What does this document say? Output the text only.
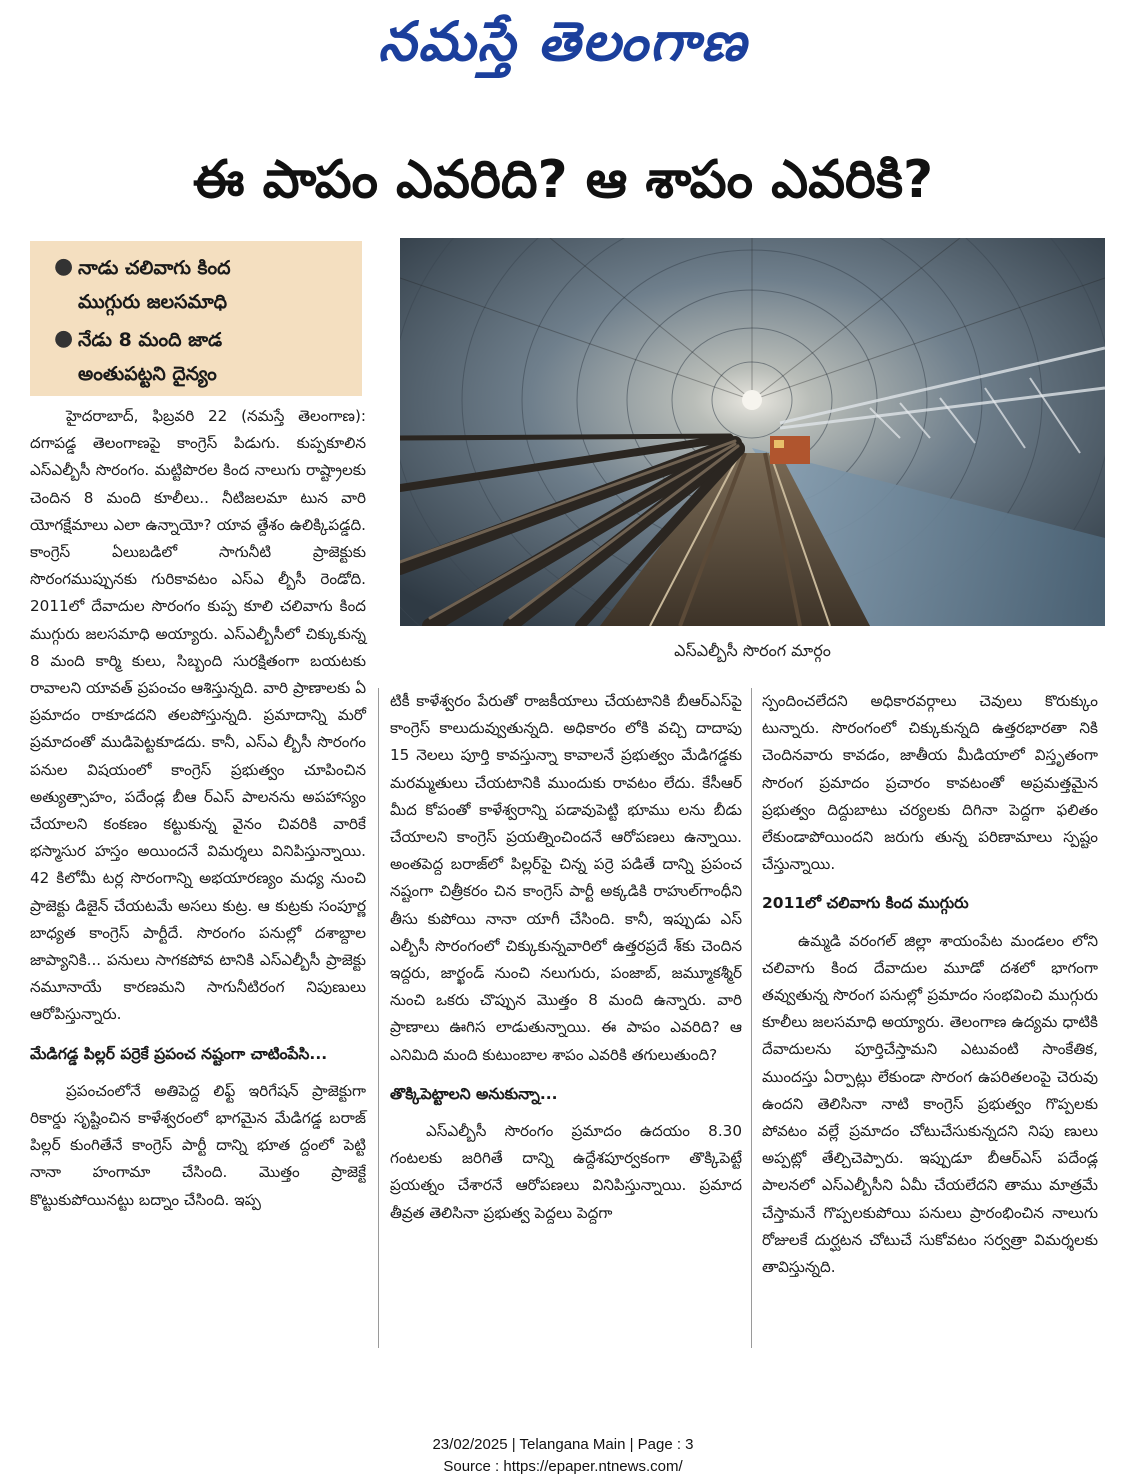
నమస్తే తెలంగాణ
ఈ పాపం ఎవరిది? ఆ శాపం ఎవరికి?
● నాడు చలివాగు కింద
ముగ్గురు జలసమాధి
● నేడు 8 మంది జాడ
అంతుపట్టని దైన్యం
ఎస్ఎల్బీసీ సొరంగ మార్గం

హైదరాబాద్, ఫిబ్రవరి 22 (నమస్తే తెలంగాణ): దగాపడ్డ తెలంగాణపై కాంగ్రెస్ పిడుగు. కుప్పకూలిన ఎస్ఎల్బీసీ సొరంగం. మట్టిపొరల కింద నాలుగు రాష్ట్రాలకు చెందిన 8 మంది కూలీలు.. నీటిజలమా టున వారి యోగక్షేమాలు ఎలా ఉన్నాయో? యావ త్దేశం ఉలిక్కిపడ్డది. కాంగ్రెస్ ఏలుబడిలో సాగునీటి ప్రాజెక్టుకు సొరంగముప్పునకు గురికావటం ఎస్ఎ ల్బీసీ రెండోది. 2011లో దేవాదుల సొరంగం కుప్ప కూలి చలివాగు కింద ముగ్గురు జలసమాధి అయ్యారు. ఎస్ఎల్బీసీలో చిక్కుకున్న 8 మంది కార్మి కులు, సిబ్బంది సురక్షితంగా బయటకు రావాలని యావత్ ప్రపంచం ఆశిస్తున్నది. వారి ప్రాణాలకు ఏ ప్రమాదం రాకూడదని తలపోస్తున్నది. ప్రమాదాన్ని మరో ప్రమాదంతో ముడిపెట్టకూడదు. కానీ, ఎస్ఎ ల్బీసీ సొరంగం పనుల విషయంలో కాంగ్రెస్ ప్రభుత్వం చూపించిన అత్యుత్సాహం, పదేండ్ల బీఆ ర్ఎస్ పాలనను అపహాస్యం చేయాలని కంకణం కట్టుకున్న వైనం చివరికి వారికే భస్మాసుర హస్తం అయిందనే విమర్శలు వినిపిస్తున్నాయి. 42 కిలోమీ టర్ల సొరంగాన్ని అభయారణ్యం మధ్య నుంచి ప్రాజెక్టు డిజైన్ చేయటమే అసలు కుట్ర. ఆ కుట్రకు సంపూర్ణ బాధ్యత కాంగ్రెస్ పార్టీదే. సొరంగం పనుల్లో దశాబ్దాల జాప్యానికి... పనులు సాగకపోవ టానికి ఎస్ఎల్బీసీ ప్రాజెక్టు నమూనాయే కారణమని సాగునీటిరంగ నిపుణులు ఆరోపిస్తున్నారు.

మేడిగడ్డ పిల్లర్ పర్రెకే ప్రపంచ నష్టంగా చాటింపేసి...

ప్రపంచంలోనే అతిపెద్ద లిఫ్ట్ ఇరిగేషన్ ప్రాజెక్టుగా రికార్డు సృష్టించిన కాళేశ్వరంలో భాగమైన మేడిగడ్డ బరాజ్ పిల్లర్ కుంగితేనే కాంగ్రెస్ పార్టీ దాన్ని భూత ద్దంలో పెట్టి నానా హంగామా చేసింది. మొత్తం ప్రాజెక్టే కొట్టుకుపోయినట్టు బద్నాం చేసింది. ఇప్ప

టికీ కాళేశ్వరం పేరుతో రాజకీయాలు చేయటానికి బీఆర్ఎస్‌పై కాంగ్రెస్ కాలుదువ్వుతున్నది. అధికారం లోకి వచ్చి దాదాపు 15 నెలలు పూర్తి కావస్తున్నా కావాలనే ప్రభుత్వం మేడిగడ్డకు మరమ్మతులు చేయటానికి ముందుకు రావటం లేదు. కేసీఆర్ మీద కోపంతో కాళేశ్వరాన్ని పడావుపెట్టి భూము లను బీడు చేయాలని కాంగ్రెస్ ప్రయత్నించిందనే ఆరోపణలు ఉన్నాయి. అంతపెద్ద బరాజ్‌లో పిల్లర్‌పై చిన్న పర్రె పడితే దాన్ని ప్రపంచ నష్టంగా చిత్రీకరం చిన కాంగ్రెస్ పార్టీ అక్కడికి రాహుల్‌గాంధీని తీసు కుపోయి నానా యాగీ చేసింది. కానీ, ఇప్పుడు ఎస్ ఎల్బీసీ సొరంగంలో చిక్కుకున్నవారిలో ఉత్తరప్రదే శ్‌కు చెందిన ఇద్దరు, జార్ఖండ్ నుంచి నలుగురు, పంజాబ్, జమ్మూకశ్మీర్ నుంచి ఒకరు చొప్పున మొత్తం 8 మంది ఉన్నారు. వారి ప్రాణాలు ఊగిస లాడుతున్నాయి. ఈ పాపం ఎవరిది? ఆ ఎనిమిది మంది కుటుంబాల శాపం ఎవరికి తగులుతుంది?

తొక్కిపెట్టాలని అనుకున్నా...

ఎస్ఎల్బీసీ సొరంగం ప్రమాదం ఉదయం 8.30 గంటలకు జరిగితే దాన్ని ఉద్దేశపూర్వకంగా తొక్కిపెట్టే ప్రయత్నం చేశారనే ఆరోపణలు వినిపిస్తున్నాయి. ప్రమాద తీవ్రత తెలిసినా ప్రభుత్వ పెద్దలు పెద్దగా

స్పందించలేదని అధికారవర్గాలు చెవులు కొరుక్కుం టున్నారు. సొరంగంలో చిక్కుకున్నది ఉత్తరభారతా నికి చెందినవారు కావడం, జాతీయ మీడియాలో విస్తృతంగా సొరంగ ప్రమాదం ప్రచారం కావటంతో అప్రమత్తమైన ప్రభుత్వం దిద్దుబాటు చర్యలకు దిగినా పెద్దగా ఫలితం లేకుండాపోయిందని జరుగు తున్న పరిణామాలు స్పష్టం చేస్తున్నాయి.

2011లో చలివాగు కింద ముగ్గురు

ఉమ్మడి వరంగల్ జిల్లా శాయంపేట మండలం లోని చలివాగు కింద దేవాదుల మూడో దశలో భాగంగా తవ్వుతున్న సొరంగ పనుల్లో ప్రమాదం సంభవించి ముగ్గురు కూలీలు జలసమాధి అయ్యారు. తెలంగాణ ఉద్యమ ధాటికి దేవాదులను పూర్తిచేస్తామని ఎటువంటి సాంకేతిక, ముందస్తు ఏర్పాట్లు లేకుండా సొరంగ ఉపరితలంపై చెరువు ఉందని తెలిసినా నాటి కాంగ్రెస్ ప్రభుత్వం గొప్పలకు పోవటం వల్లే ప్రమాదం చోటుచేసుకున్నదని నిపు ణులు అప్పట్లో తేల్చిచెప్పారు. ఇప్పుడూ బీఆర్ఎస్ పదేండ్ల పాలనలో ఎస్ఎల్బీసీని ఏమీ చేయలేదని తాము మాత్రమే చేస్తామనే గొప్పలకుపోయి పనులు ప్రారంభించిన నాలుగు రోజులకే దుర్ఘటన చోటుచే సుకోవటం సర్వత్రా విమర్శలకు తావిస్తున్నది.

23/02/2025 | Telangana Main | Page : 3
Source : https://epaper.ntnews.com/
